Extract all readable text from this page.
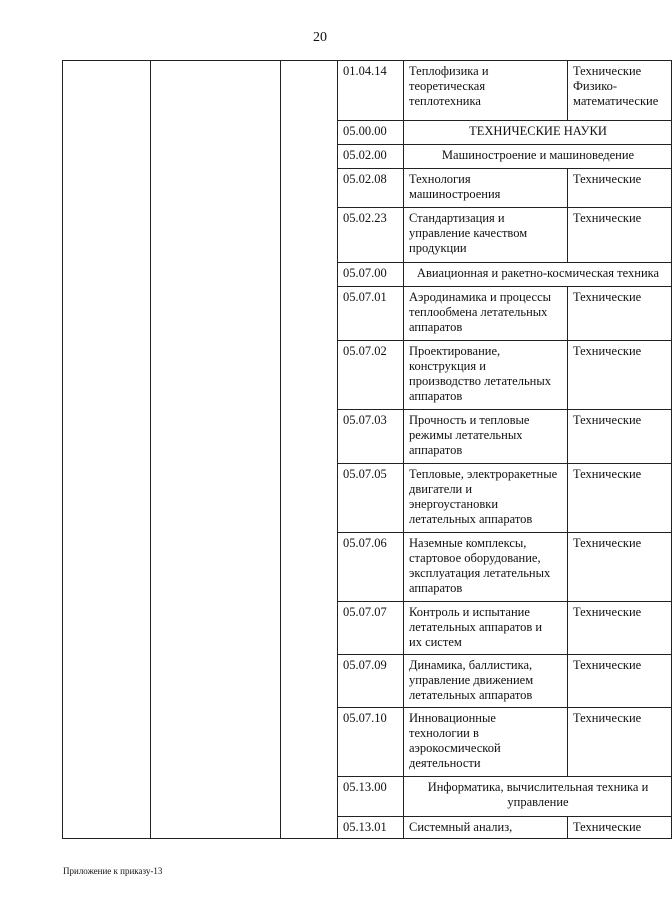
20
			01.04.14	Теплофизика и
теоретическая
теплотехника	Технические
Физико-
математические

			05.00.00	ТЕХНИЧЕСКИЕ НАУКИ	

			05.02.00	Машиностроение и машиноведение	

			05.02.08	Технология
машиностроения	Технические

			05.02.23	Стандартизация и
управление качеством
продукции	Технические

			05.07.00	Авиационная и ракетно-космическая техника	

			05.07.01	Аэродинамика и процессы
теплообмена летательных
аппаратов	Технические

			05.07.02	Проектирование,
конструкция и
производство летательных
аппаратов	Технические

			05.07.03	Прочность и тепловые
режимы летательных
аппаратов	Технические

			05.07.05	Тепловые, электроракетные
двигатели и
энергоустановки
летательных аппаратов	Технические

			05.07.06	Наземные комплексы,
стартовое оборудование,
эксплуатация летательных
аппаратов	Технические

			05.07.07	Контроль и испытание
летательных аппаратов и
их систем	Технические

			05.07.09	Динамика, баллистика,
управление движением
летательных аппаратов	Технические

			05.07.10	Инновационные
технологии в
аэрокосмической
деятельности	Технические

			05.13.00	Информатика, вычислительная техника и
управление	

			05.13.01	Системный анализ,	Технические
Приложение к приказу-13
